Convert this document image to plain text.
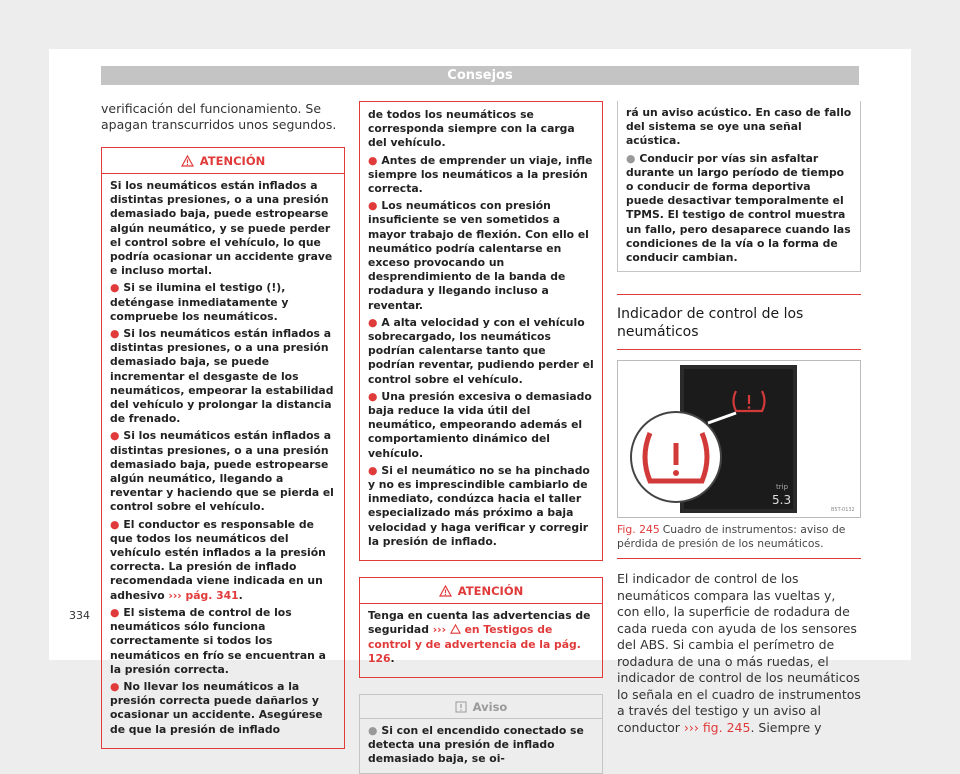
Consejos

verificación del funcionamiento. Se apagan transcurridos unos segundos.

ATENCIÓN

Si los neumáticos están inflados a distintas presiones, o a una presión demasiado baja, puede estropearse algún neumático, y se puede perder el control sobre el vehículo, lo que podría ocasionar un accidente grave e incluso mortal.

● Si se ilumina el testigo (!), deténgase inmediatamente y compruebe los neumáticos.

● Si los neumáticos están inflados a distintas presiones, o a una presión demasiado baja, se puede incrementar el desgaste de los neumáticos, empeorar la estabilidad del vehículo y prolongar la distancia de frenado.

● Si los neumáticos están inflados a distintas presiones, o a una presión demasiado baja, puede estropearse algún neumático, llegando a reventar y haciendo que se pierda el control sobre el vehículo.

● El conductor es responsable de que todos los neumáticos del vehículo estén inflados a la presión correcta. La presión de inflado recomendada viene indicada en un adhesivo ››› pág. 341.

● El sistema de control de los neumáticos sólo funciona correctamente si todos los neumáticos en frío se encuentran a la presión correcta.

● No llevar los neumáticos a la presión correcta puede dañarlos y ocasionar un accidente. Asegúrese de que la presión de inflado

de todos los neumáticos se corresponda siempre con la carga del vehículo.

● Antes de emprender un viaje, infle siempre los neumáticos a la presión correcta.

● Los neumáticos con presión insuficiente se ven sometidos a mayor trabajo de flexión. Con ello el neumático podría calentarse en exceso provocando un desprendimiento de la banda de rodadura y llegando incluso a reventar.

● A alta velocidad y con el vehículo sobrecargado, los neumáticos podrían calentarse tanto que podrían reventar, pudiendo perder el control sobre el vehículo.

● Una presión excesiva o demasiado baja reduce la vida útil del neumático, empeorando además el comportamiento dinámico del vehículo.

● Si el neumático no se ha pinchado y no es imprescindible cambiarlo de inmediato, condúzca hacia el taller especializado más próximo a baja velocidad y haga verificar y corregir la presión de inflado.

ATENCIÓN

Tenga en cuenta las advertencias de seguridad ››› en Testigos de control y de advertencia de la pág. 126.

Aviso

● Si con el encendido conectado se detecta una presión de inflado demasiado baja, se oi-

rá un aviso acústico. En caso de fallo del sistema se oye una señal acústica.

● Conducir por vías sin asfaltar durante un largo período de tiempo o conducir de forma deportiva puede desactivar temporalmente el TPMS. El testigo de control muestra un fallo, pero desaparece cuando las condiciones de la vía o la forma de conducir cambian.

Indicador de control de los neumáticos
trip
5.3
B5T-0132

Fig. 245 Cuadro de instrumentos: aviso de pérdida de presión de los neumáticos.

El indicador de control de los neumáticos compara las vueltas y, con ello, la superficie de rodadura de cada rueda con ayuda de los sensores del ABS. Si cambia el perímetro de rodadura de una o más ruedas, el indicador de control de los neumáticos lo señala en el cuadro de instrumentos a través del testigo y un aviso al conductor ››› fig. 245. Siempre y

334
